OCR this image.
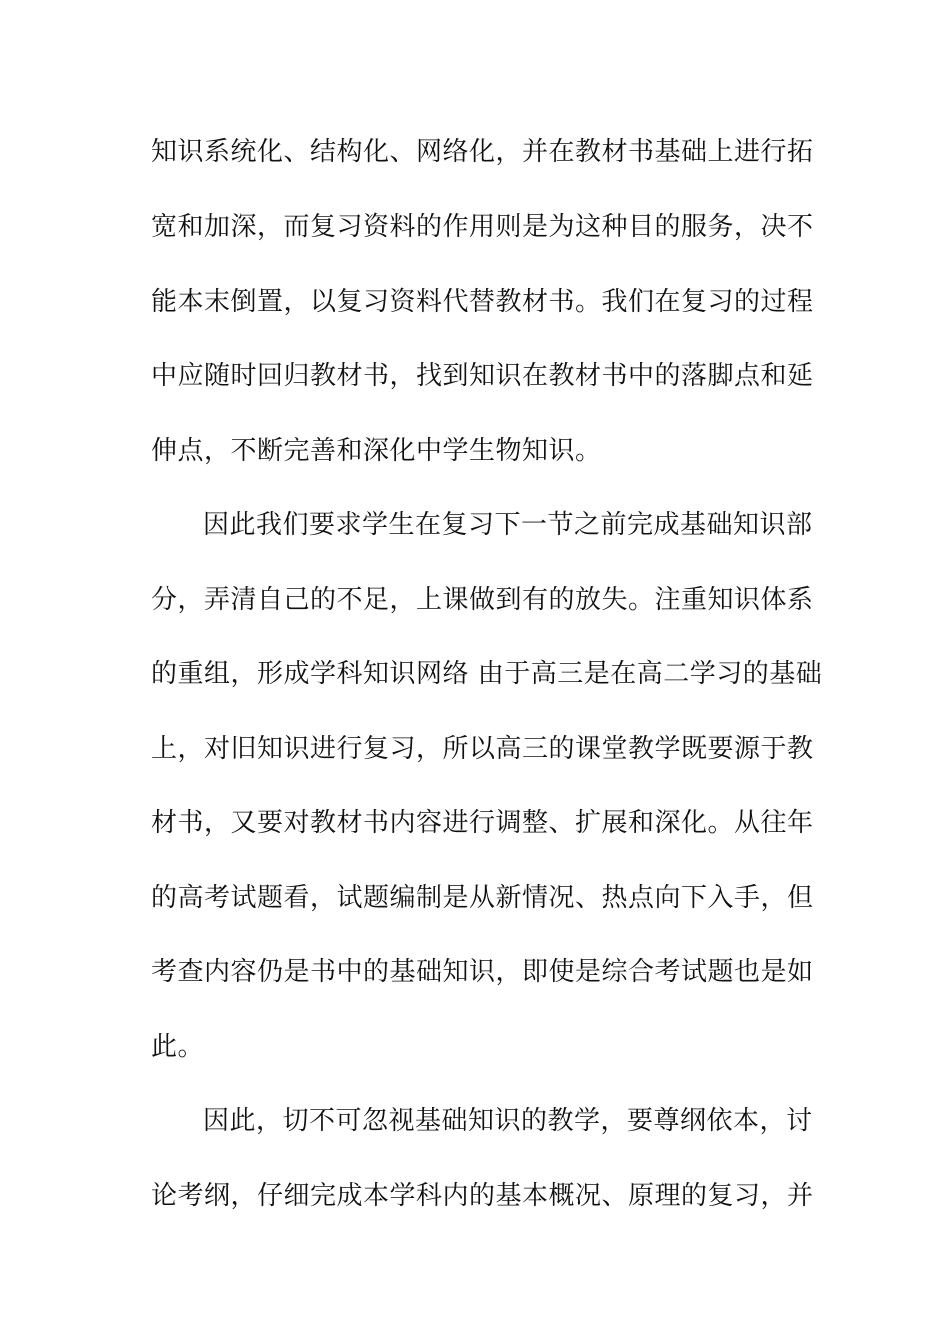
知识系统化、结构化、网络化，并在教材书基础上进行拓
宽和加深，而复习资料的作用则是为这种目的服务，决不
能本末倒置，以复习资料代替教材书。我们在复习的过程
中应随时回归教材书，找到知识在教材书中的落脚点和延
伸点，不断完善和深化中学生物知识。
因此我们要求学生在复习下一节之前完成基础知识部
分，弄清自己的不足，上课做到有的放失。注重知识体系
的重组，形成学科知识网络 由于高三是在高二学习的基础
上，对旧知识进行复习，所以高三的课堂教学既要源于教
材书，又要对教材书内容进行调整、扩展和深化。从往年
的高考试题看，试题编制是从新情况、热点向下入手，但
考查内容仍是书中的基础知识，即使是综合考试题也是如
此。
因此，切不可忽视基础知识的教学，要尊纲依本，讨
论考纲，仔细完成本学科内的基本概况、原理的复习，并
